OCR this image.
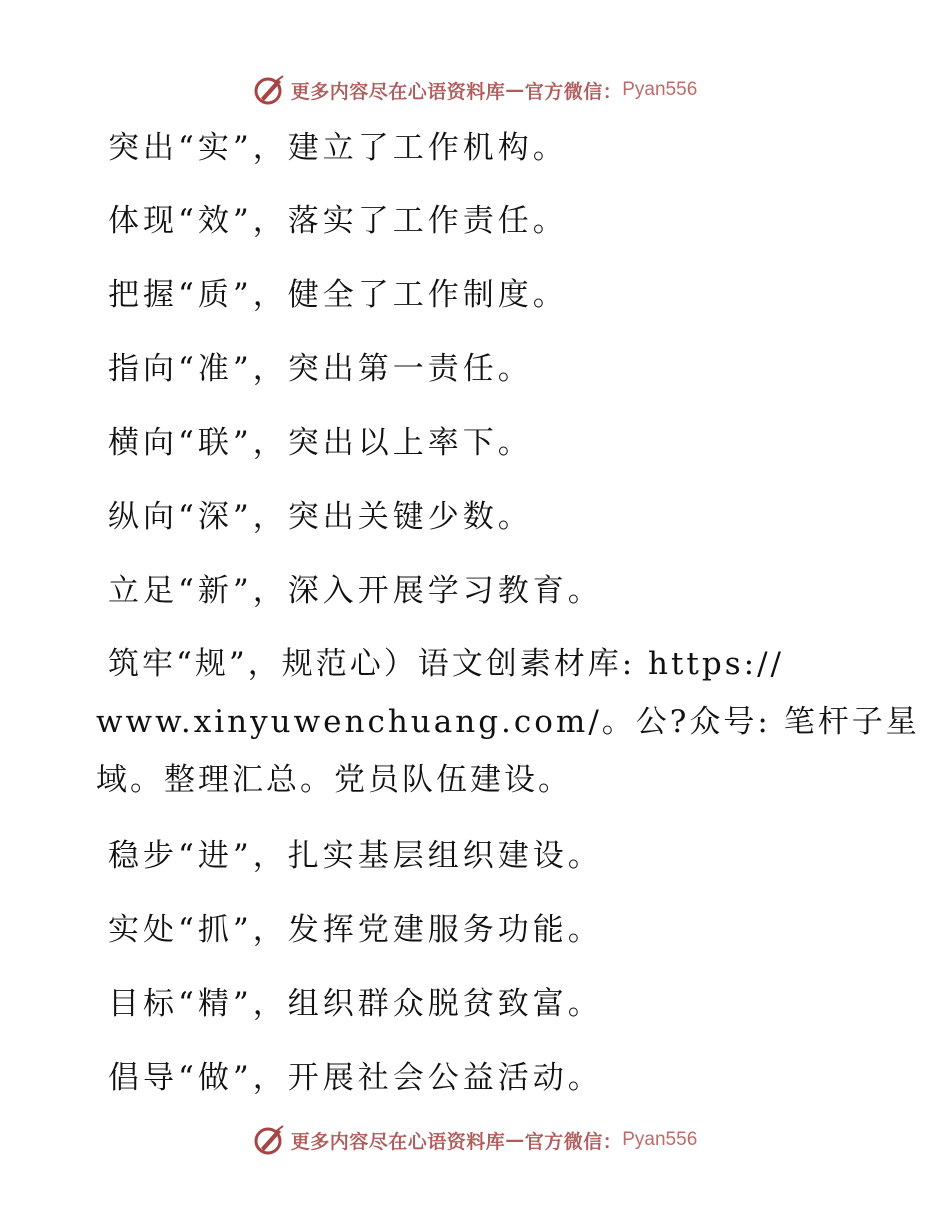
更多内容尽在心语资料库 — 官方微信： Pyan556
突出“实”，建立了工作机构。
体现“效”，落实了工作责任。
把握“质”，健全了工作制度。
指向“准”，突出第一责任。
横向“联”，突出以上率下。
纵向“深”，突出关键少数。
立足“新”，深入开展学习教育。
筑牢“规”，规范心）语文创素材库: https://
www.xinyuwenchuang.com/。公?众号: 笔杆子星
域。整理汇总。党员队伍建设。
稳步“进”，扎实基层组织建设。
实处“抓”，发挥党建服务功能。
目标“精”，组织群众脱贫致富。
倡导“做”，开展社会公益活动。
更多内容尽在心语资料库 — 官方微信： Pyan556
